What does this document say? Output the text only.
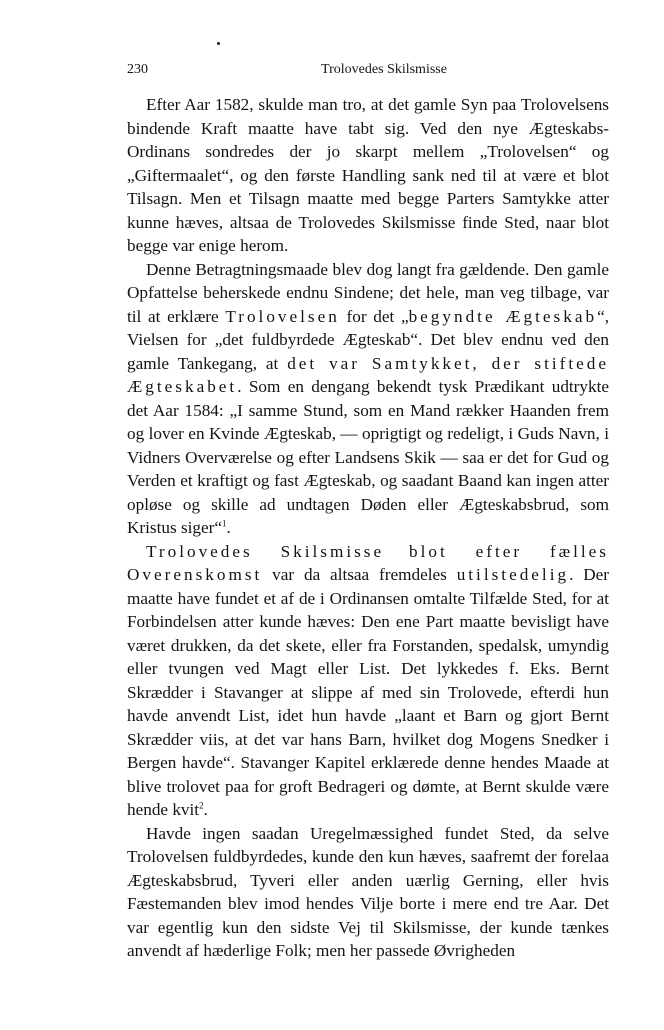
230	Trolovedes Skilsmisse

Efter Aar 1582, skulde man tro, at det gamle Syn paa Trolovelsens bindende Kraft maatte have tabt sig. Ved den nye Ægteskabs-Ordinans sondredes der jo skarpt mellem „Trolovelsen“ og „Giftermaalet“, og den første Handling sank ned til at være et blot Tilsagn. Men et Tilsagn maatte med begge Parters Samtykke atter kunne hæves, altsaa de Trolovedes Skilsmisse finde Sted, naar blot begge var enige herom.

Denne Betragtningsmaade blev dog langt fra gældende. Den gamle Opfattelse beherskede endnu Sindene; det hele, man veg tilbage, var til at erklære Trolovelsen for det „begyndte Ægteskab“, Vielsen for „det fuldbyrdede Ægteskab“. Det blev endnu ved den gamle Tankegang, at det var Samtykket, der stiftede Ægteskabet. Som en dengang bekendt tysk Prædikant udtrykte det Aar 1584: „I samme Stund, som en Mand rækker Haanden frem og lover en Kvinde Ægteskab, — oprigtigt og redeligt, i Guds Navn, i Vidners Overværelse og efter Landsens Skik — saa er det for Gud og Verden et kraftigt og fast Ægteskab, og saadant Baand kan ingen atter opløse og skille ad undtagen Døden eller Ægteskabsbrud, som Kristus siger“$^1$.

Trolovedes Skilsmisse blot efter fælles Overenskomst var da altsaa fremdeles utilstedelig. Der maatte have fundet et af de i Ordinansen omtalte Tilfælde Sted, for at Forbindelsen atter kunde hæves: Den ene Part maatte bevisligt have været drukken, da det skete, eller fra Forstanden, spedalsk, umyndig eller tvungen ved Magt eller List. Det lykkedes f. Eks. Bernt Skrædder i Stavanger at slippe af med sin Trolovede, efterdi hun havde anvendt List, idet hun havde „laant et Barn og gjort Bernt Skrædder viis, at det var hans Barn, hvilket dog Mogens Snedker i Bergen havde“. Stavanger Kapitel erklærede denne hendes Maade at blive trolovet paa for groft Bedrageri og dømte, at Bernt skulde være hende kvit$^2$.

Havde ingen saadan Uregelmæssighed fundet Sted, da selve Trolovelsen fuldbyrdedes, kunde den kun hæves, saafremt der forelaa Ægteskabsbrud, Tyveri eller anden uærlig Gerning, eller hvis Fæstemanden blev imod hendes Vilje borte i mere end tre Aar. Det var egentlig kun den sidste Vej til Skilsmisse, der kunde tænkes anvendt af hæderlige Folk; men her passede Øvrigheden
